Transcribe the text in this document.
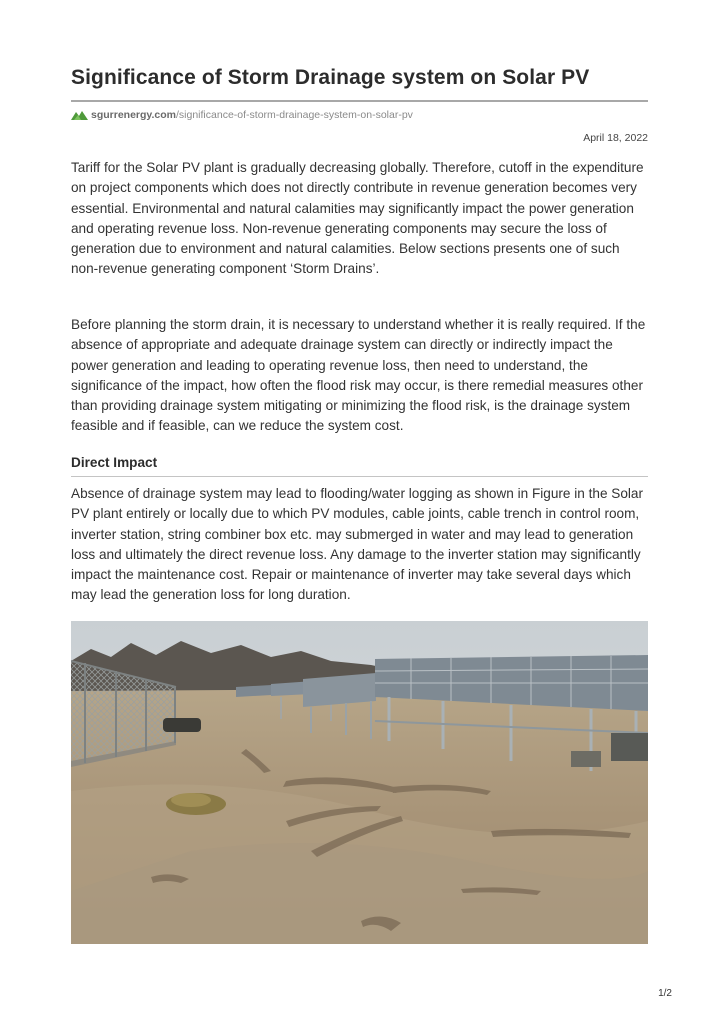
Significance of Storm Drainage system on Solar PV
sgurrenergy.com /significance-of-storm-drainage-system-on-solar-pv
April 18, 2022

Tariff for the Solar PV plant is gradually decreasing globally. Therefore, cutoff in the expenditure on project components which does not directly contribute in revenue generation becomes very essential. Environmental and natural calamities may significantly impact the power generation and operating revenue loss. Non-revenue generating components may secure the loss of generation due to environment and natural calamities. Below sections presents one of such non-revenue generating component ‘Storm Drains’.

Before planning the storm drain, it is necessary to understand whether it is really required. If the absence of appropriate and adequate drainage system can directly or indirectly impact the power generation and leading to operating revenue loss, then need to understand, the significance of the impact, how often the flood risk may occur, is there remedial measures other than providing drainage system mitigating or minimizing the flood risk, is the drainage system feasible and if feasible, can we reduce the system cost.

Direct Impact

Absence of drainage system may lead to flooding/water logging as shown in Figure in the Solar PV plant entirely or locally due to which PV modules, cable joints, cable trench in control room, inverter station, string combiner box etc. may submerged in water and may lead to generation loss and ultimately the direct revenue loss. Any damage to the inverter station may significantly impact the maintenance cost. Repair or maintenance of inverter may take several days which may lead the generation loss for long duration.

1/2
